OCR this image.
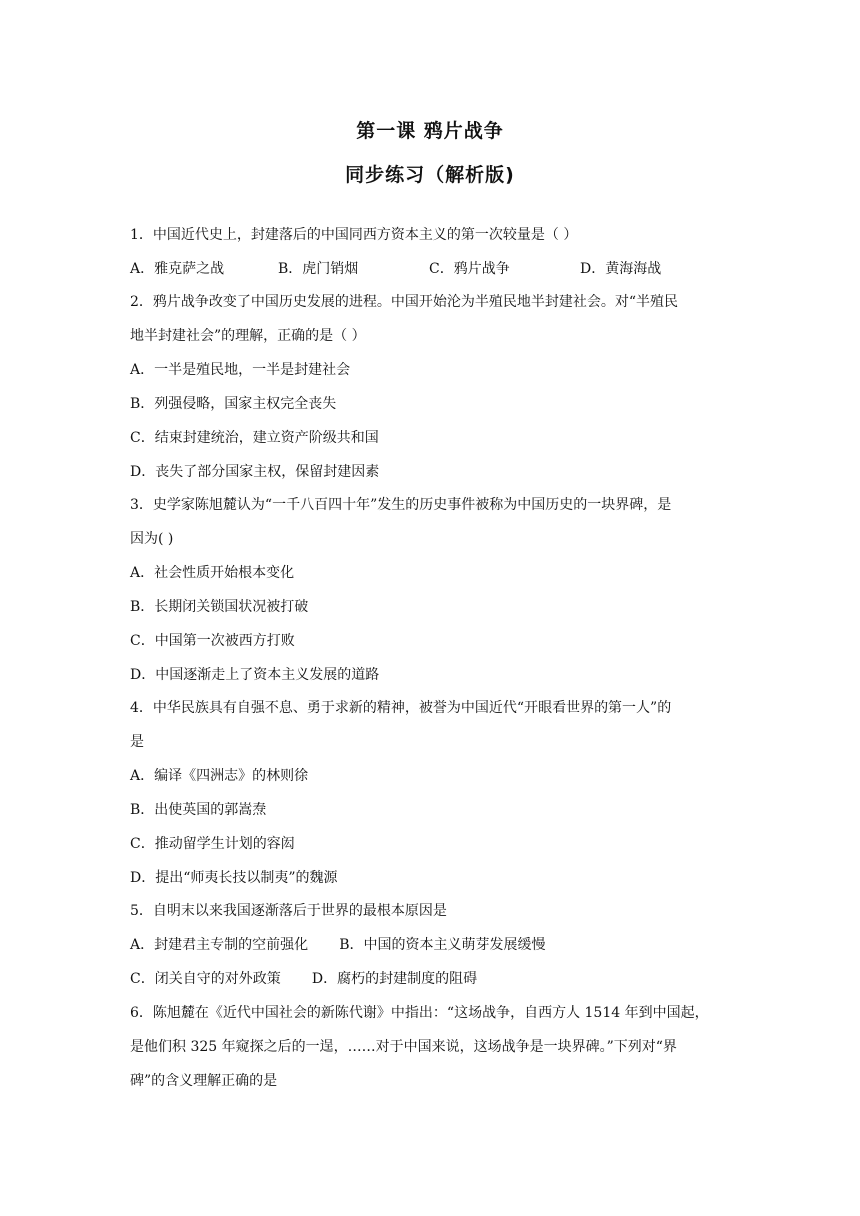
第一课 鸦片战争
同步练习（解析版)
1．中国近代史上，封建落后的中国同西方资本主义的第一次较量是（ ）
A．雅克萨之战	B．虎门销烟	C．鸦片战争	D．黄海海战
2．鸦片战争改变了中国历史发展的进程。中国开始沦为半殖民地半封建社会。对“半殖民
地半封建社会”的理解，正确的是（ ）
A．一半是殖民地，一半是封建社会
B．列强侵略，国家主权完全丧失
C．结束封建统治，建立资产阶级共和国
D．丧失了部分国家主权，保留封建因素
3．史学家陈旭麓认为“一千八百四十年”发生的历史事件被称为中国历史的一块界碑，是
因为( )
A．社会性质开始根本变化
B．长期闭关锁国状况被打破
C．中国第一次被西方打败
D．中国逐渐走上了资本主义发展的道路
4．中华民族具有自强不息、勇于求新的精神，被誉为中国近代“开眼看世界的第一人”的
是
A．编译《四洲志》的林则徐
B．出使英国的郭嵩焘
C．推动留学生计划的容闳
D．提出“师夷长技以制夷”的魏源
5．自明末以来我国逐渐落后于世界的最根本原因是
A．封建君主专制的空前强化       B．中国的资本主义萌芽发展缓慢
C．闭关自守的对外政策       D．腐朽的封建制度的阻碍
6．陈旭麓在《近代中国社会的新陈代谢》中指出：“这场战争，自西方人 1514 年到中国起，
是他们积 325 年窥探之后的一逞，……对于中国来说，这场战争是一块界碑。”下列对“界
碑”的含义理解正确的是
